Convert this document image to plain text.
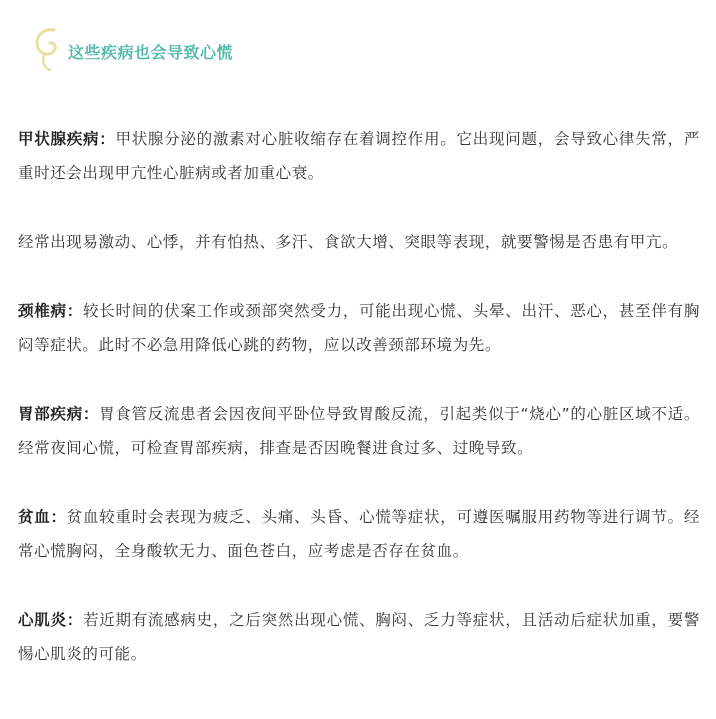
这些疾病也会导致心慌

甲状腺疾病：甲状腺分泌的激素对心脏收缩存在着调控作用。它出现问题，会导致心律失常，严重时还会出现甲亢性心脏病或者加重心衰。

经常出现易激动、心悸，并有怕热、多汗、食欲大增、突眼等表现，就要警惕是否患有甲亢。

颈椎病：较长时间的伏案工作或颈部突然受力，可能出现心慌、头晕、出汗、恶心，甚至伴有胸闷等症状。此时不必急用降低心跳的药物，应以改善颈部环境为先。

胃部疾病：胃食管反流患者会因夜间平卧位导致胃酸反流，引起类似于“烧心”的心脏区域不适。经常夜间心慌，可检查胃部疾病，排查是否因晚餐进食过多、过晚导致。

贫血：贫血较重时会表现为疲乏、头痛、头昏、心慌等症状，可遵医嘱服用药物等进行调节。经常心慌胸闷，全身酸软无力、面色苍白，应考虑是否存在贫血。

心肌炎：若近期有流感病史，之后突然出现心慌、胸闷、乏力等症状，且活动后症状加重，要警惕心肌炎的可能。
